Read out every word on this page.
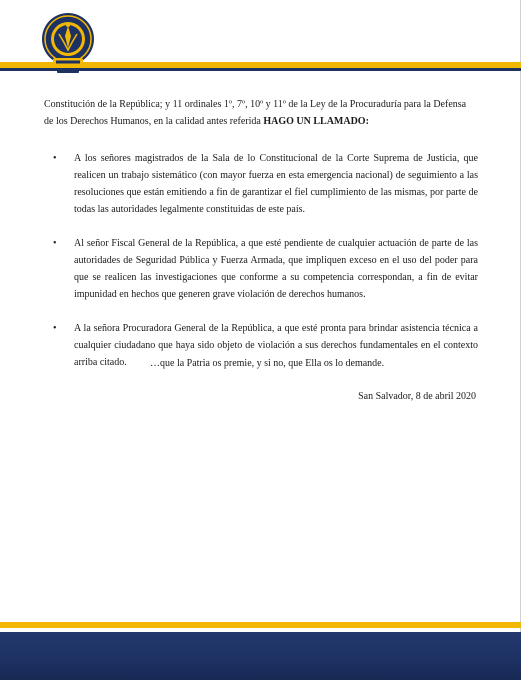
Constitución de la República; y 11 ordinales 1º, 7º, 10º y 11º de la Ley de la Procuraduría para la Defensa de los Derechos Humanos, en la calidad antes referida HAGO UN LLAMADO:

• A los señores magistrados de la Sala de lo Constitucional de la Corte Suprema de Justicia, que realicen un trabajo sistemático (con mayor fuerza en esta emergencia nacional) de seguimiento a las resoluciones que están emitiendo a fin de garantizar el fiel cumplimiento de las mismas, por parte de todas las autoridades legalmente constituidas de este país.
• Al señor Fiscal General de la República, a que esté pendiente de cualquier actuación de parte de las autoridades de Seguridad Pública y Fuerza Armada, que impliquen exceso en el uso del poder para que se realicen las investigaciones que conforme a su competencia correspondan, a fin de evitar impunidad en hechos que generen grave violación de derechos humanos.
• A la señora Procuradora General de la República, a que esté pronta para brindar asistencia técnica a cualquier ciudadano que haya sido objeto de violación a sus derechos fundamentales en el contexto arriba citado.	…que la Patria os premie, y si no, que Ella os lo demande.
San Salvador, 8 de abril 2020
